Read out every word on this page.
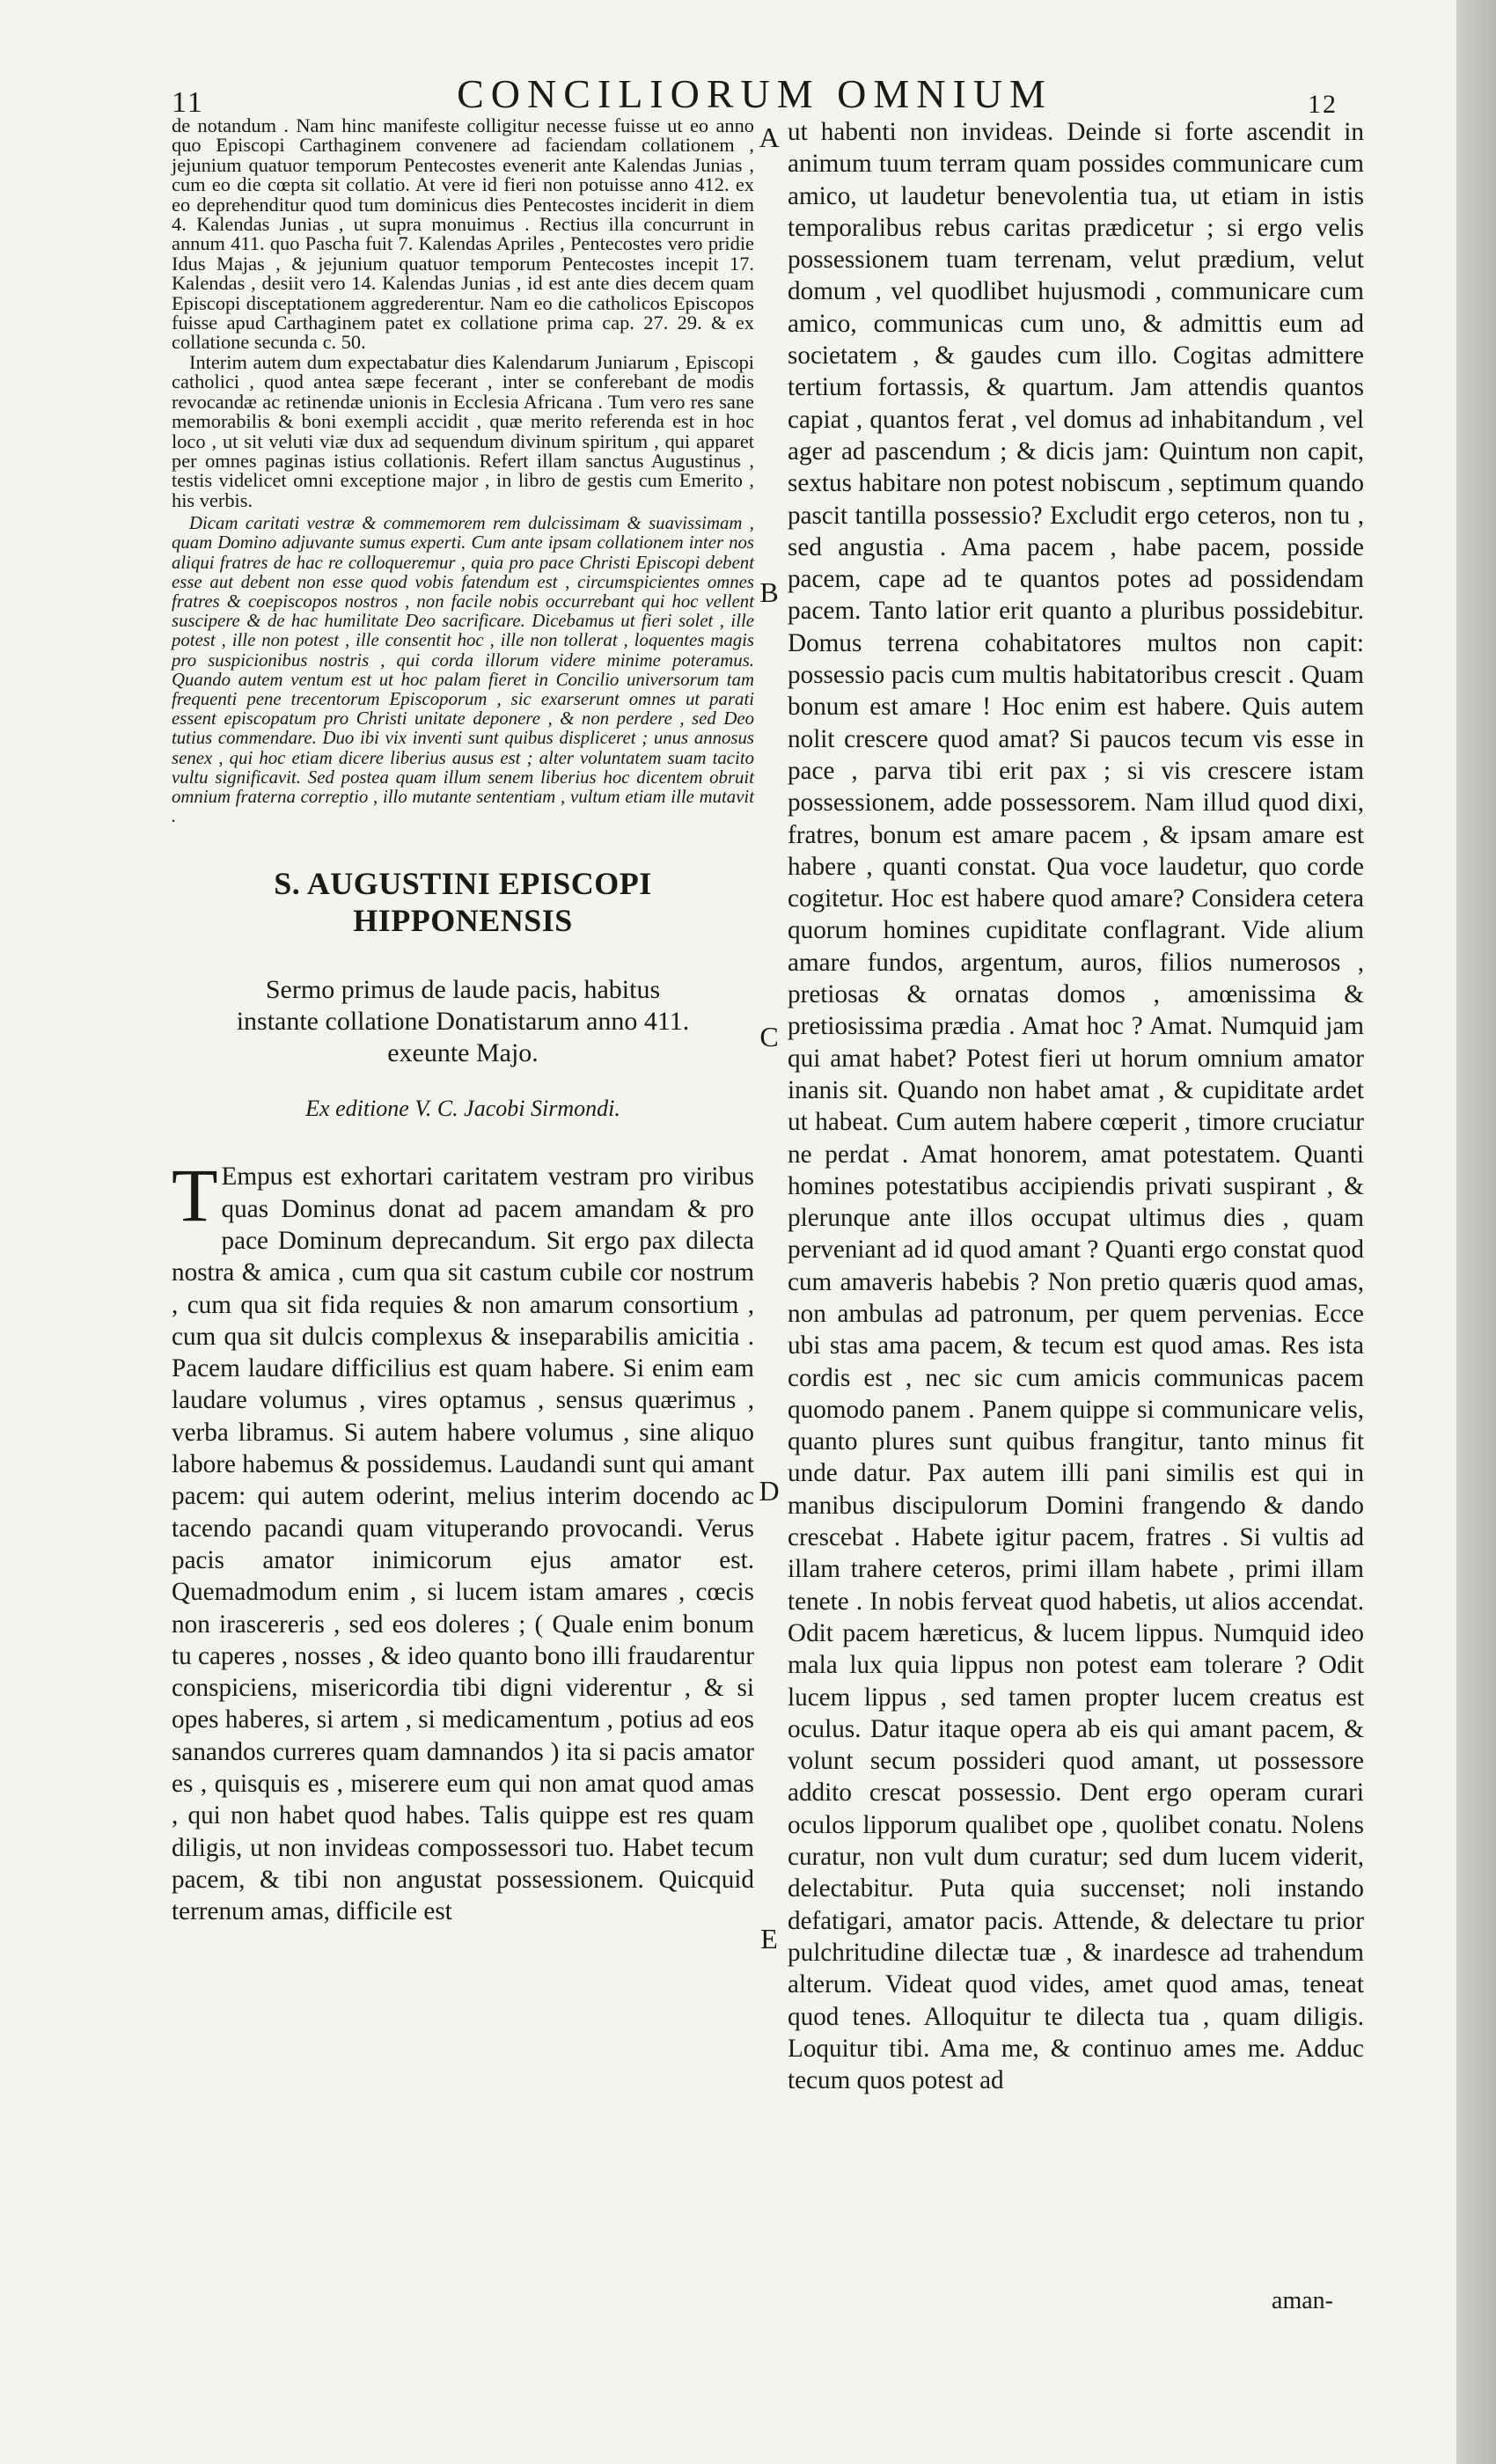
11	CONCILIORUM OMNIUM	12

de notandum . Nam hinc manifeste colligitur necesse fuisse ut eo anno quo Episcopi Carthaginem convenere ad faciendam collationem , jejunium quatuor temporum Pentecostes evenerit ante Kalendas Junias , cum eo die cœpta sit collatio. At vere id fieri non potuisse anno 412. ex eo deprehenditur quod tum dominicus dies Pentecostes inciderit in diem 4. Kalendas Junias , ut supra monuimus . Rectius illa concurrunt in annum 411. quo Pascha fuit 7. Kalendas Apriles , Pentecostes vero pridie Idus Majas , & jejunium quatuor temporum Pentecostes incepit 17. Kalendas , desiit vero 14. Kalendas Junias , id est ante dies decem quam Episcopi disceptationem aggrederentur. Nam eo die catholicos Episcopos fuisse apud Carthaginem patet ex collatione prima cap. 27. 29. & ex collatione secunda c. 50.

Interim autem dum expectabatur dies Kalendarum Juniarum , Episcopi catholici , quod antea sæpe fecerant , inter se conferebant de modis revocandæ ac retinendæ unionis in Ecclesia Africana . Tum vero res sane memorabilis & boni exempli accidit , quæ merito referenda est in hoc loco , ut sit veluti viæ dux ad sequendum divinum spiritum , qui apparet per omnes paginas istius collationis. Refert illam sanctus Augustinus , testis videlicet omni exceptione major , in libro de gestis cum Emerito , his verbis.

Dicam caritati vestræ & commemorem rem dulcissimam & suavissimam , quam Domino adjuvante sumus experti. Cum ante ipsam collationem inter nos aliqui fratres de hac re colloqueremur , quia pro pace Christi Episcopi debent esse aut debent non esse quod vobis fatendum est , circumspicientes omnes fratres & coepiscopos nostros , non facile nobis occurrebant qui hoc vellent suscipere & de hac humilitate Deo sacrificare. Dicebamus ut fieri solet , ille potest , ille non potest , ille consentit hoc , ille non tollerat , loquentes magis pro suspicionibus nostris , qui corda illorum videre minime poteramus. Quando autem ventum est ut hoc palam fieret in Concilio universorum tam frequenti pene trecentorum Episcoporum , sic exarserunt omnes ut parati essent episcopatum pro Christi unitate deponere , & non perdere , sed Deo tutius commendare. Duo ibi vix inventi sunt quibus displiceret ; unus annosus senex , qui hoc etiam dicere liberius ausus est ; alter voluntatem suam tacito vultu significavit. Sed postea quam illum senem liberius hoc dicentem obruit omnium fraterna correptio , illo mutante sententiam , vultum etiam ille mutavit .

S. AUGUSTINI EPISCOPI HIPPONENSIS
Sermo primus de laude pacis, habitus instante collatione Donatistarum anno 411. exeunte Majo.
Ex editione V. C. Jacobi Sirmondi.
T Empus est exhortari caritatem vestram pro viribus quas Dominus donat ad pacem amandam & pro pace Dominum deprecandum. Sit ergo pax dilecta nostra & amica , cum qua sit castum cubile cor nostrum , cum qua sit fida requies & non amarum consortium , cum qua sit dulcis complexus & inseparabilis amicitia . Pacem laudare difficilius est quam habere. Si enim eam laudare volumus , vires optamus , sensus quærimus , verba libramus. Si autem habere volumus , sine aliquo labore habemus & possidemus. Laudandi sunt qui amant pacem: qui autem oderint, melius interim docendo ac tacendo pacandi quam vituperando provocandi. Verus pacis amator inimicorum ejus amator est. Quemadmodum enim , si lucem istam amares , cœcis non irascereris , sed eos doleres ; ( Quale enim bonum tu caperes , nosses , & ideo quanto bono illi fraudarentur conspiciens, misericordia tibi digni viderentur , & si opes haberes, si artem , si medicamentum , potius ad eos sanandos curreres quam damnandos ) ita si pacis amator es , quisquis es , miserere eum qui non amat quod amas , qui non habet quod habes. Talis quippe est res quam diligis, ut non invideas compossessori tuo. Habet tecum pacem, & tibi non angustat possessionem. Quicquid terrenum amas, difficile est

A
B
C
D
E

ut habenti non invideas. Deinde si forte ascendit in animum tuum terram quam possides communicare cum amico, ut laudetur benevolentia tua, ut etiam in istis temporalibus rebus caritas prædicetur ; si ergo velis possessionem tuam terrenam, velut prædium, velut domum , vel quodlibet hujusmodi , communicare cum amico, communicas cum uno, & admittis eum ad societatem , & gaudes cum illo. Cogitas admittere tertium fortassis, & quartum. Jam attendis quantos capiat , quantos ferat , vel domus ad inhabitandum , vel ager ad pascendum ; & dicis jam: Quintum non capit, sextus habitare non potest nobiscum , septimum quando pascit tantilla possessio? Excludit ergo ceteros, non tu , sed angustia . Ama pacem , habe pacem, posside pacem, cape ad te quantos potes ad possidendam pacem. Tanto latior erit quanto a pluribus possidebitur. Domus terrena cohabitatores multos non capit: possessio pacis cum multis habitatoribus crescit . Quam bonum est amare ! Hoc enim est habere. Quis autem nolit crescere quod amat? Si paucos tecum vis esse in pace , parva tibi erit pax ; si vis crescere istam possessionem, adde possessorem. Nam illud quod dixi, fratres, bonum est amare pacem , & ipsam amare est habere , quanti constat. Qua voce laudetur, quo corde cogitetur. Hoc est habere quod amare? Considera cetera quorum homines cupiditate conflagrant. Vide alium amare fundos, argentum, auros, filios numerosos , pretiosas & ornatas domos , amœnissima & pretiosissima prædia . Amat hoc ? Amat. Numquid jam qui amat habet? Potest fieri ut horum omnium amator inanis sit. Quando non habet amat , & cupiditate ardet ut habeat. Cum autem habere cœperit , timore cruciatur ne perdat . Amat honorem, amat potestatem. Quanti homines potestatibus accipiendis privati suspirant , & plerunque ante illos occupat ultimus dies , quam perveniant ad id quod amant ? Quanti ergo constat quod cum amaveris habebis ? Non pretio quæris quod amas, non ambulas ad patronum, per quem pervenias. Ecce ubi stas ama pacem, & tecum est quod amas. Res ista cordis est , nec sic cum amicis communicas pacem quomodo panem . Panem quippe si communicare velis, quanto plures sunt quibus frangitur, tanto minus fit unde datur. Pax autem illi pani similis est qui in manibus discipulorum Domini frangendo & dando crescebat . Habete igitur pacem, fratres . Si vultis ad illam trahere ceteros, primi illam habete , primi illam tenete . In nobis ferveat quod habetis, ut alios accendat. Odit pacem hæreticus, & lucem lippus. Numquid ideo mala lux quia lippus non potest eam tolerare ? Odit lucem lippus , sed tamen propter lucem creatus est oculus. Datur itaque opera ab eis qui amant pacem, & volunt secum possideri quod amant, ut possessore addito crescat possessio. Dent ergo operam curari oculos lipporum qualibet ope , quolibet conatu. Nolens curatur, non vult dum curatur; sed dum lucem viderit, delectabitur. Puta quia succenset; noli instando defatigari, amator pacis. Attende, & delectare tu prior pulchritudine dilectæ tuæ , & inardesce ad trahendum alterum. Videat quod vides, amet quod amas, teneat quod tenes. Alloquitur te dilecta tua , quam diligis. Loquitur tibi. Ama me, & continuo ames me. Adduc tecum quos potest ad

aman-
